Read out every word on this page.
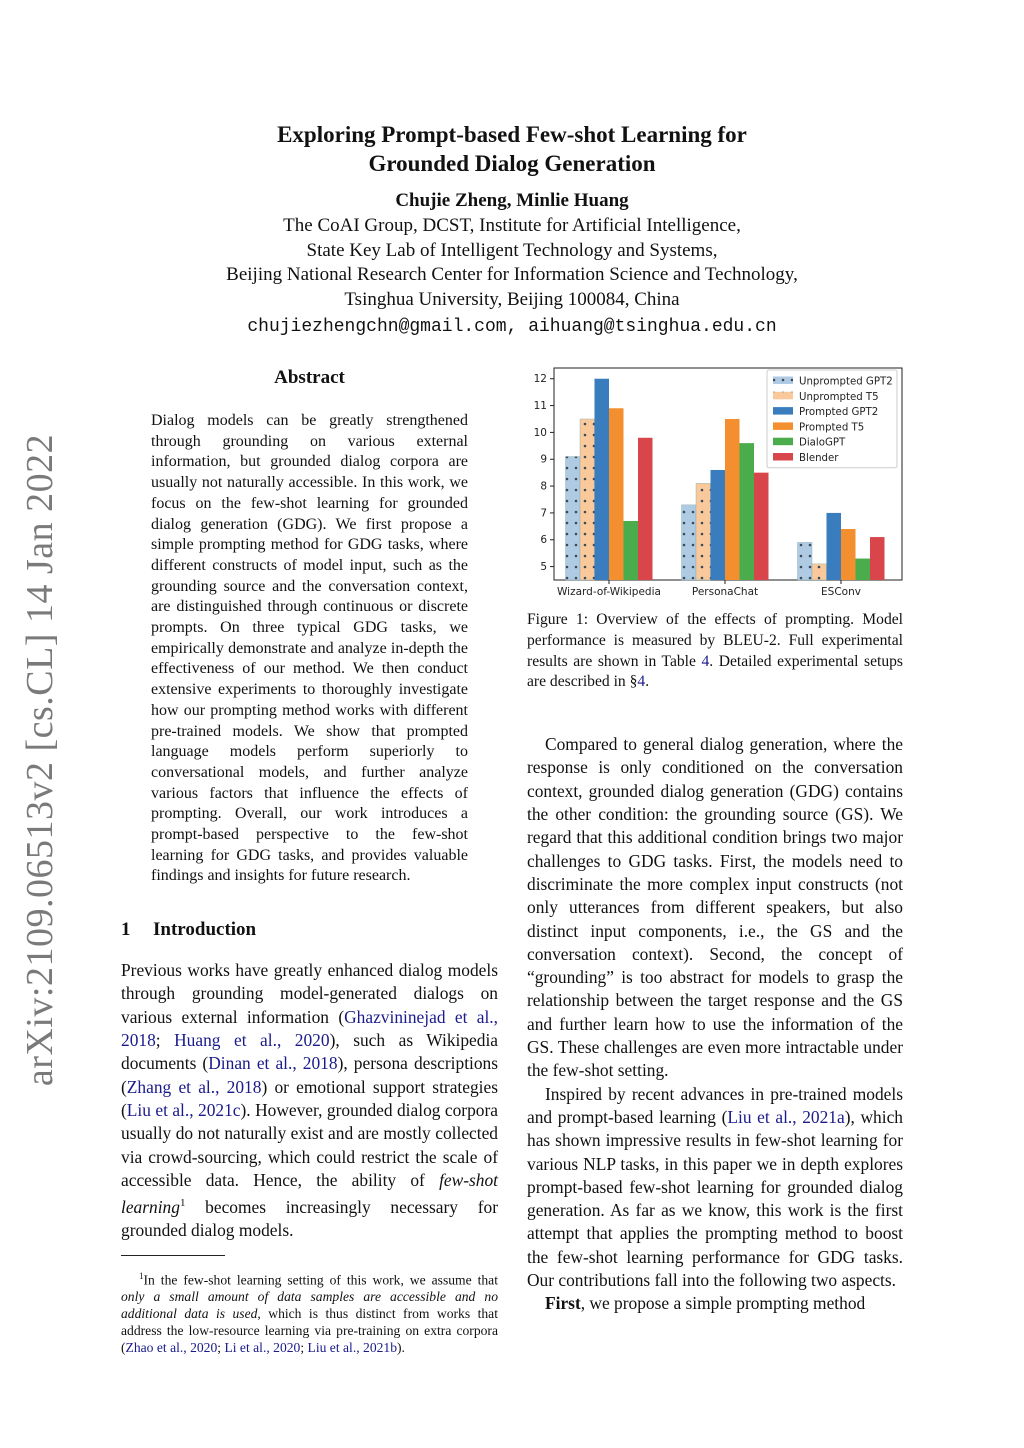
arXiv:2109.06513v2 [cs.CL] 14 Jan 2022
Exploring Prompt-based Few-shot Learning for
Grounded Dialog Generation
Chujie Zheng, Minlie Huang
The CoAI Group, DCST, Institute for Artificial Intelligence,
State Key Lab of Intelligent Technology and Systems,
Beijing National Research Center for Information Science and Technology,
Tsinghua University, Beijing 100084, China
chujiezhengchn@gmail.com, aihuang@tsinghua.edu.cn
Abstract
Dialog models can be greatly strengthened through grounding on various external information, but grounded dialog corpora are usually not naturally accessible. In this work, we focus on the few-shot learning for grounded dialog generation (GDG). We first propose a simple prompting method for GDG tasks, where different constructs of model input, such as the grounding source and the conversation context, are distinguished through continuous or discrete prompts. On three typical GDG tasks, we empirically demonstrate and analyze in-depth the effectiveness of our method. We then conduct extensive experiments to thoroughly investigate how our prompting method works with different pre-trained models. We show that prompted language models perform superiorly to conversational models, and further analyze various factors that influence the effects of prompting. Overall, our work introduces a prompt-based perspective to the few-shot learning for GDG tasks, and provides valuable findings and insights for future research.
1 Introduction

Previous works have greatly enhanced dialog models through grounding model-generated dialogs on various external information (Ghazvininejad et al., 2018; Huang et al., 2020), such as Wikipedia documents (Dinan et al., 2018), persona descriptions (Zhang et al., 2018) or emotional support strategies (Liu et al., 2021c). However, grounded dialog corpora usually do not naturally exist and are mostly collected via crowd-sourcing, which could restrict the scale of accessible data. Hence, the ability of few-shot learning$^1$ becomes increasingly necessary for grounded dialog models.

$^1$In the few-shot learning setting of this work, we assume that only a small amount of data samples are accessible and no additional data is used, which is thus distinct from works that address the low-resource learning via pre-training on extra corpora (Zhao et al., 2020; Li et al., 2020; Liu et al., 2021b).
5
6
7
8
9
10
11
12
Wizard-of-Wikipedia	PersonaChat	ESConv
Unprompted GPT2
Unprompted T5
Prompted GPT2
Prompted T5
DialoGPT
Blender
Figure 1: Overview of the effects of prompting. Model performance is measured by BLEU-2. Full experimental results are shown in Table 4. Detailed experimental setups are described in §4.

Compared to general dialog generation, where the response is only conditioned on the conversation context, grounded dialog generation (GDG) contains the other condition: the grounding source (GS). We regard that this additional condition brings two major challenges to GDG tasks. First, the models need to discriminate the more complex input constructs (not only utterances from different speakers, but also distinct input components, i.e., the GS and the conversation context). Second, the concept of “grounding” is too abstract for models to grasp the relationship between the target response and the GS and further learn how to use the information of the GS. These challenges are even more intractable under the few-shot setting.

Inspired by recent advances in pre-trained models and prompt-based learning (Liu et al., 2021a), which has shown impressive results in few-shot learning for various NLP tasks, in this paper we in depth explores prompt-based few-shot learning for grounded dialog generation. As far as we know, this work is the first attempt that applies the prompting method to boost the few-shot learning performance for GDG tasks. Our contributions fall into the following two aspects.

First, we propose a simple prompting method
